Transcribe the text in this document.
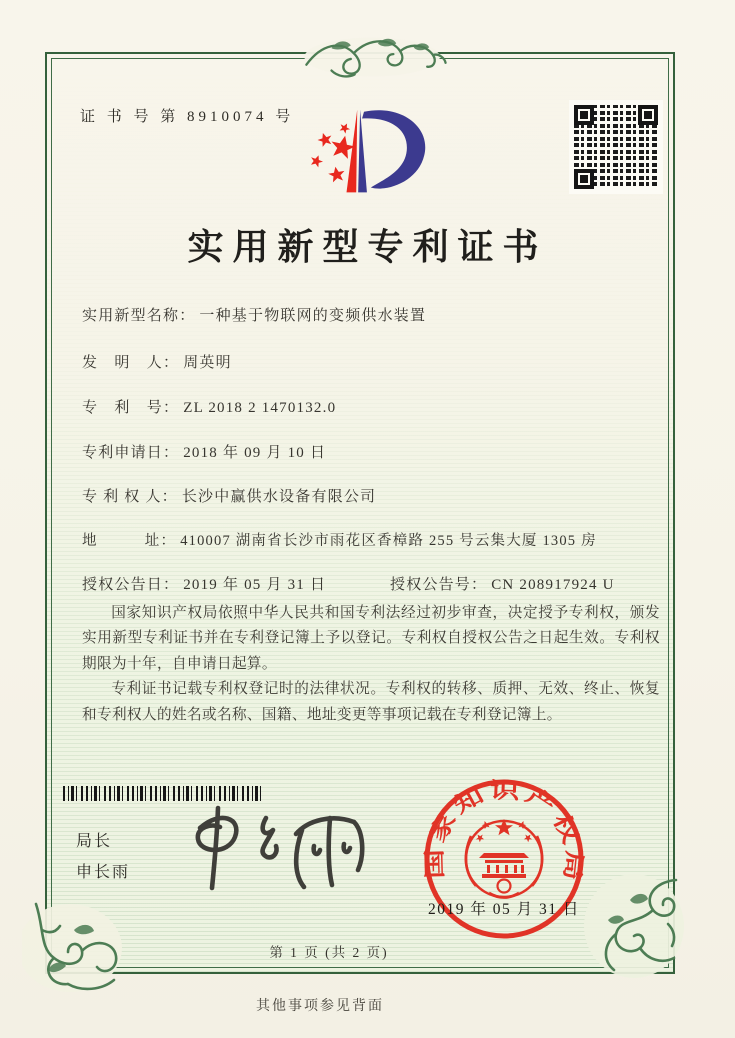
证 书 号 第 8910074 号
实用新型专利证书
实用新型名称： 一种基于物联网的变频供水装置
发　明　人： 周英明
专　利　号： ZL 2018 2 1470132.0
专利申请日： 2018 年 09 月 10 日
专 利 权 人： 长沙中赢供水设备有限公司
地　　　址： 410007 湖南省长沙市雨花区香樟路 255 号云集大厦 1305 房
授权公告日： 2019 年 05 月 31 日	授权公告号： CN 208917924 U

国家知识产权局依照中华人民共和国专利法经过初步审查，决定授予专利权，颁发实用新型专利证书并在专利登记簿上予以登记。专利权自授权公告之日起生效。专利权期限为十年，自申请日起算。

专利证书记载专利权登记时的法律状况。专利权的转移、质押、无效、终止、恢复和专利权人的姓名或名称、国籍、地址变更等事项记载在专利登记簿上。

局长
申长雨	国家知识产权局
2019 年 05 月 31 日
第 1 页 (共 2 页)
其他事项参见背面
